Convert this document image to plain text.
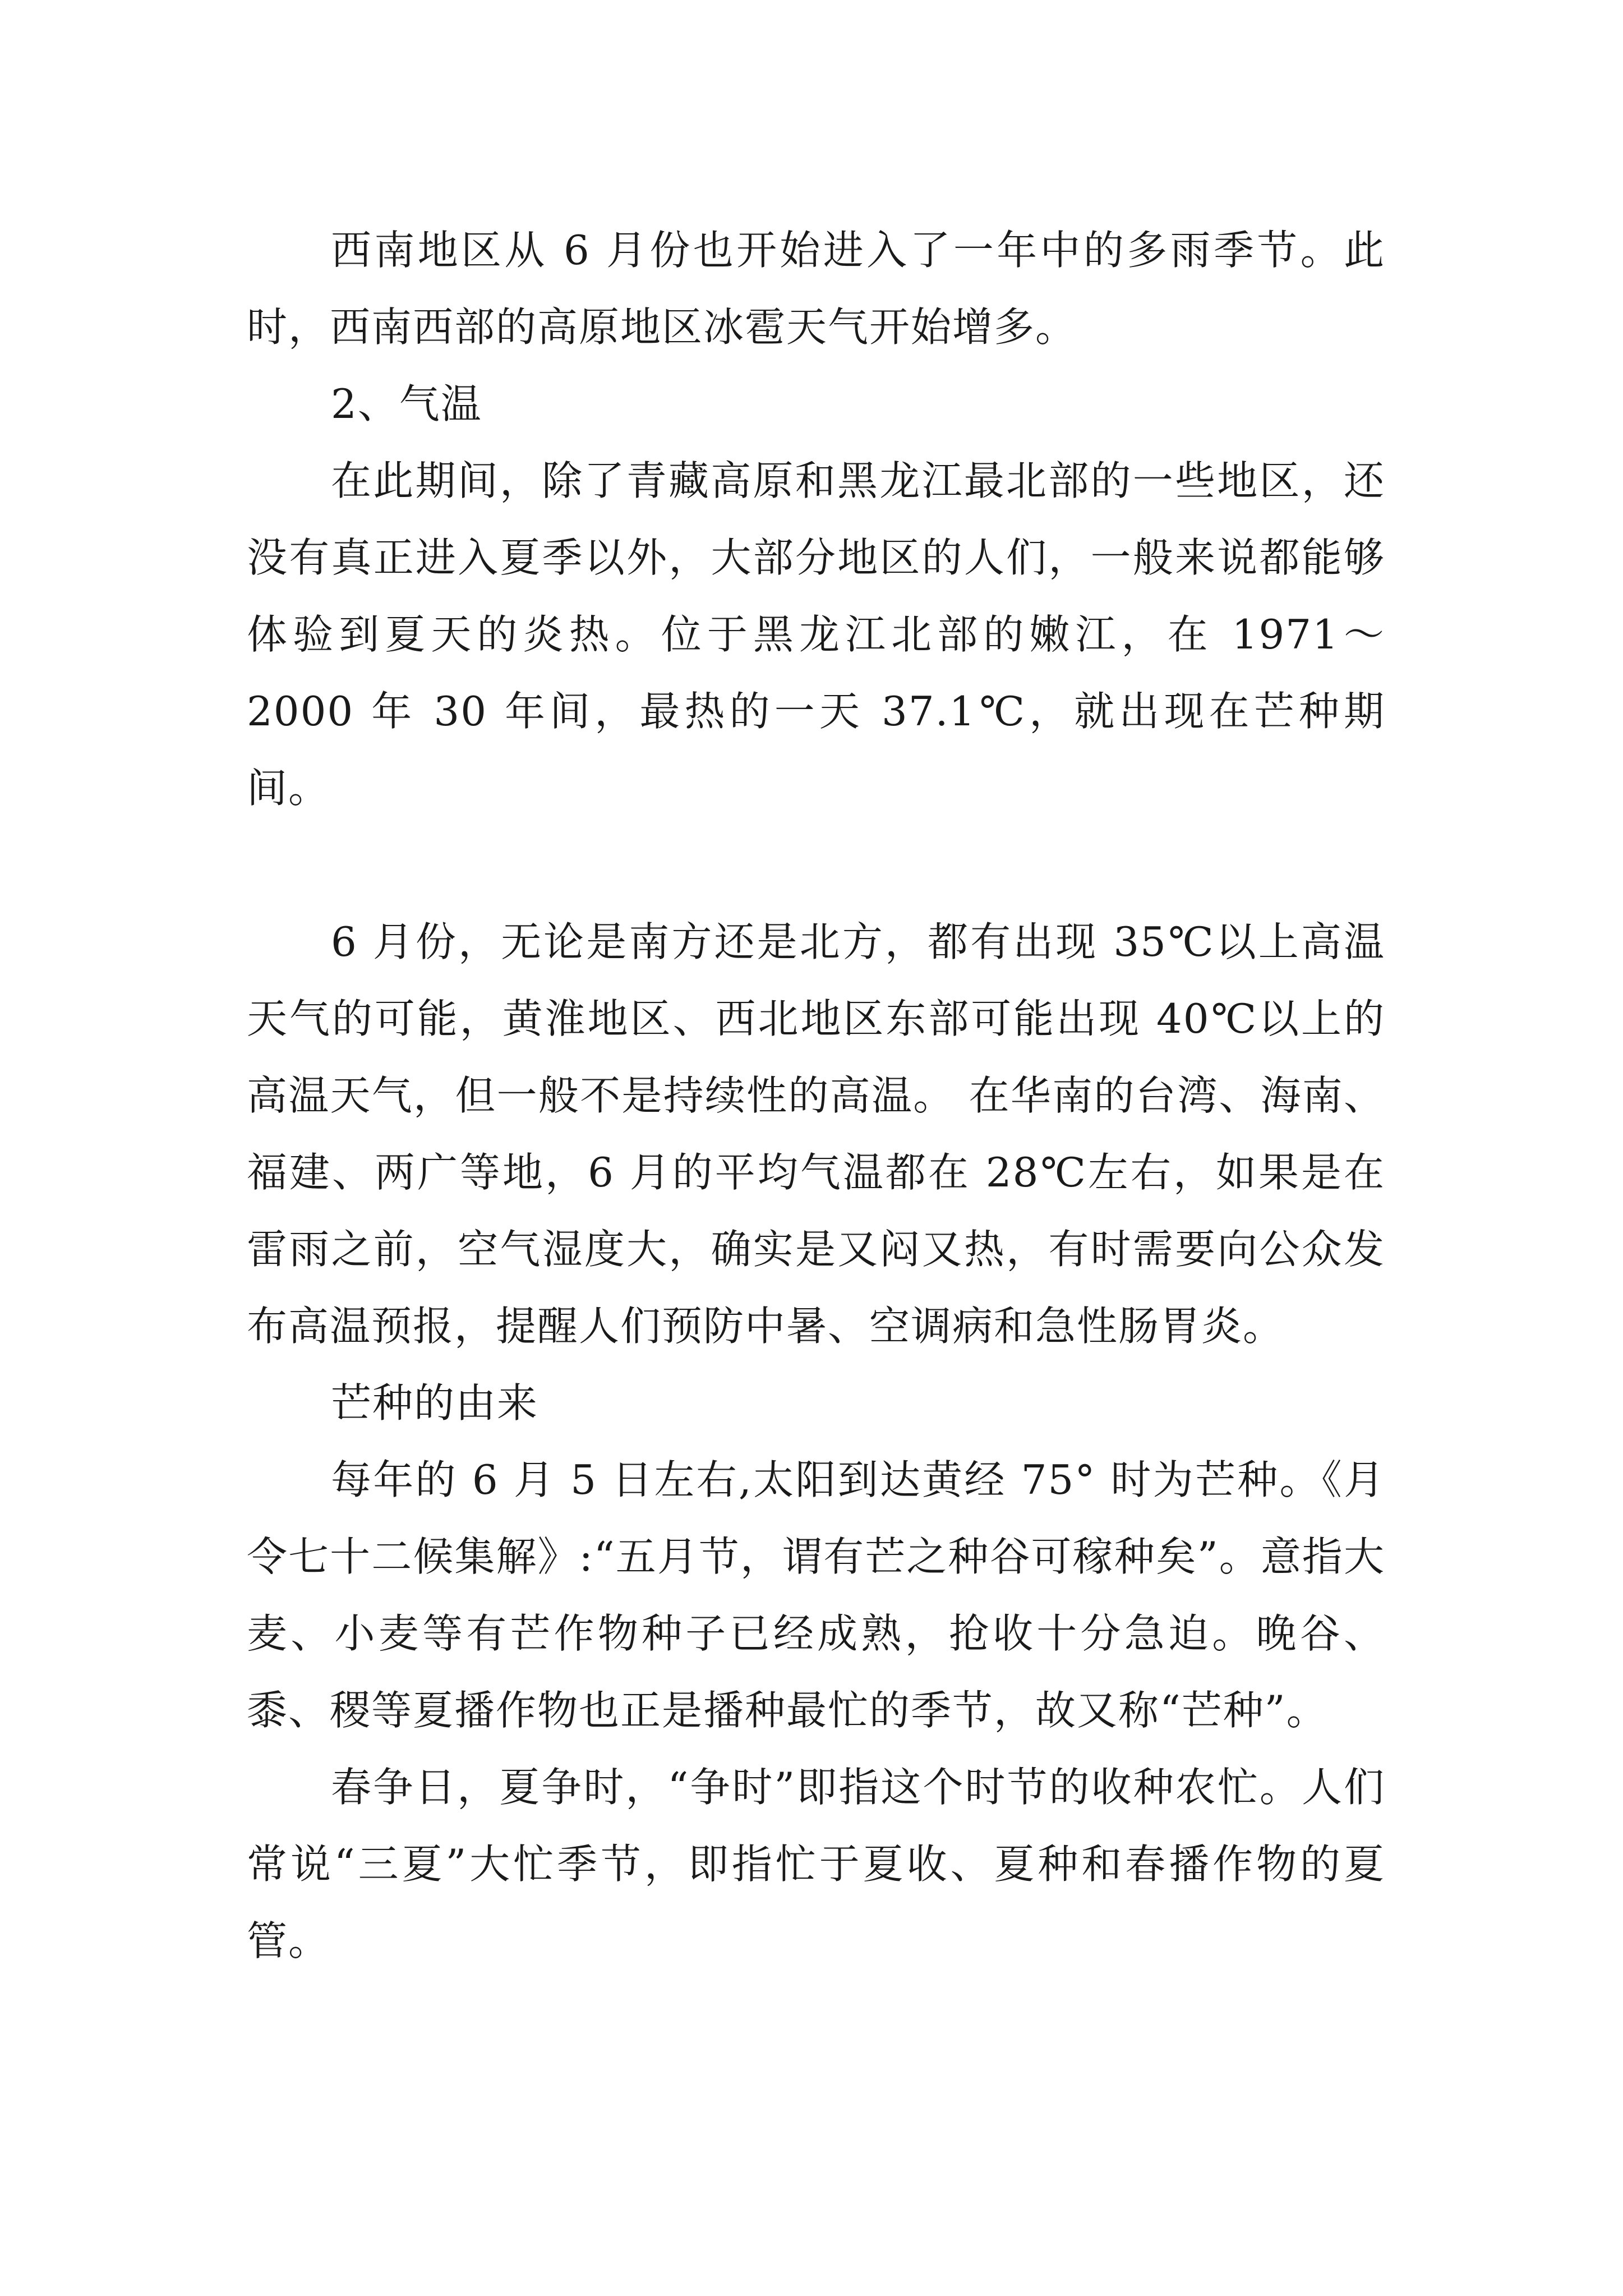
西南地区从 6 月份也开始进入了一年中的多雨季节。此时，西南西部的高原地区冰雹天气开始增多。

2、气温

在此期间，除了青藏高原和黑龙江最北部的一些地区，还没有真正进入夏季以外，大部分地区的人们，一般来说都能够体验到夏天的炎热。位于黑龙江北部的嫩江，在 1971～2000 年 30 年间，最热的一天 37.1℃，就出现在芒种期间。

6 月份，无论是南方还是北方，都有出现 35℃以上高温天气的可能，黄淮地区、西北地区东部可能出现 40℃以上的高温天气，但一般不是持续性的高温。 在华南的台湾、海南、福建、两广等地，6 月的平均气温都在 28℃左右，如果是在雷雨之前，空气湿度大，确实是又闷又热，有时需要向公众发布高温预报，提醒人们预防中暑、空调病和急性肠胃炎。

芒种的由来

每年的 6 月 5 日左右,太阳到达黄经 75° 时为芒种。《月令七十二候集解》:“五月节，谓有芒之种谷可稼种矣”。意指大麦、小麦等有芒作物种子已经成熟，抢收十分急迫。晚谷、黍、稷等夏播作物也正是播种最忙的季节，故又称“芒种”。

春争日，夏争时，“争时”即指这个时节的收种农忙。人们常说“三夏”大忙季节，即指忙于夏收、夏种和春播作物的夏管。
